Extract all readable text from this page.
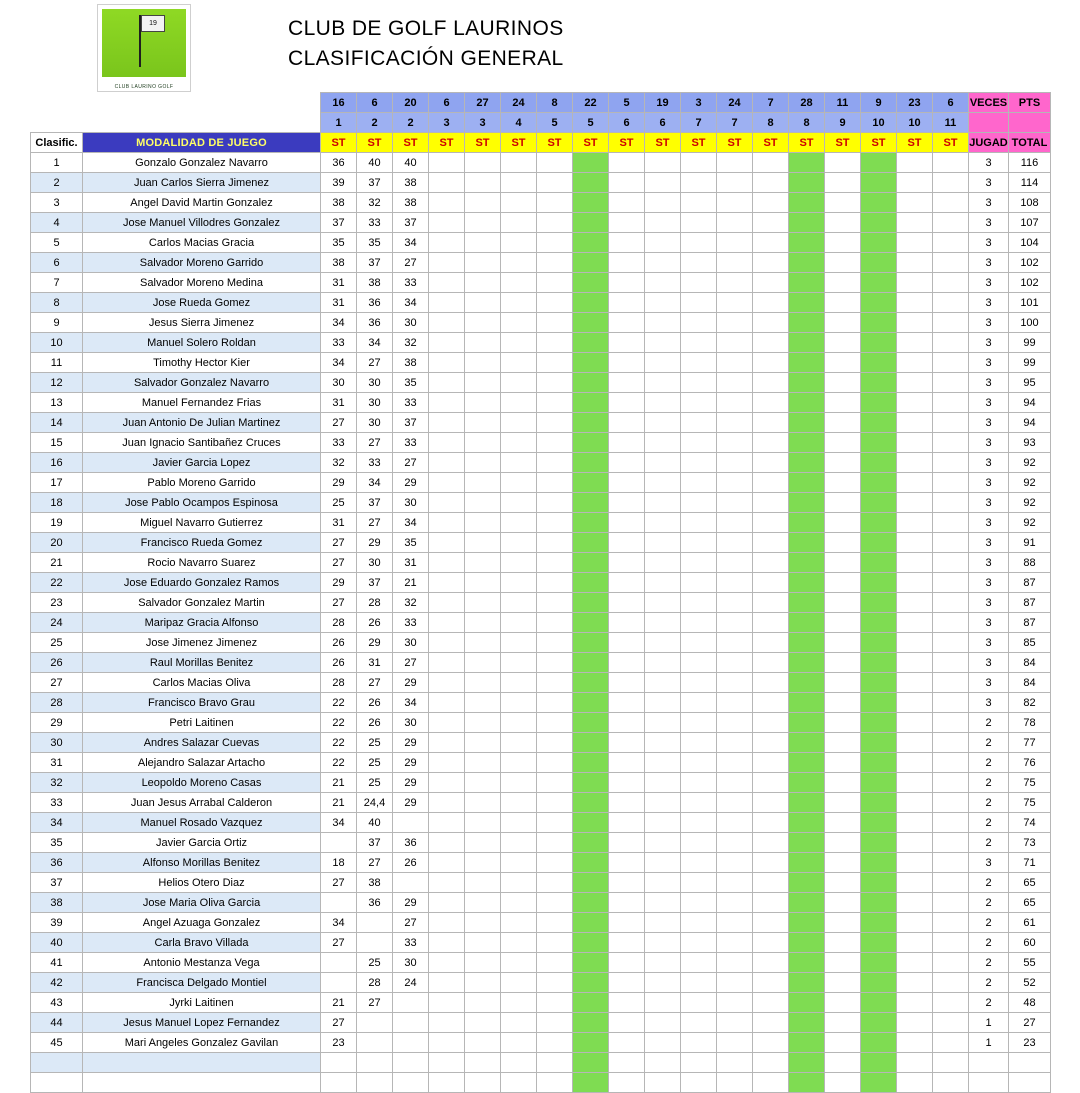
19
CLUB LAURINO GOLF
CLUB DE GOLF LAURINOS
CLASIFICACIÓN GENERAL
		16	6	20	6	27	24	8	22	5	19	3	24	7	28	11	9	23	6	VECES	PTS
		1	2	2	3	3	4	5	5	6	6	7	7	8	8	9	10	10	11		
Clasific.	MODALIDAD DE JUEGO	ST	ST	ST	ST	ST	ST	ST	ST	ST	ST	ST	ST	ST	ST	ST	ST	ST	ST	JUGAD	TOTAL
1	Gonzalo Gonzalez Navarro	36	40	40																3	116
2	Juan Carlos Sierra Jimenez	39	37	38																3	114
3	Angel David Martin Gonzalez	38	32	38																3	108
4	Jose Manuel Villodres Gonzalez	37	33	37																3	107
5	Carlos Macias Gracia	35	35	34																3	104
6	Salvador Moreno Garrido	38	37	27																3	102
7	Salvador Moreno Medina	31	38	33																3	102
8	Jose Rueda Gomez	31	36	34																3	101
9	Jesus Sierra Jimenez	34	36	30																3	100
10	Manuel Solero Roldan	33	34	32																3	99
11	Timothy Hector Kier	34	27	38																3	99
12	Salvador Gonzalez Navarro	30	30	35																3	95
13	Manuel Fernandez Frias	31	30	33																3	94
14	Juan Antonio De Julian Martinez	27	30	37																3	94
15	Juan Ignacio Santibañez Cruces	33	27	33																3	93
16	Javier Garcia Lopez	32	33	27																3	92
17	Pablo Moreno Garrido	29	34	29																3	92
18	Jose Pablo Ocampos Espinosa	25	37	30																3	92
19	Miguel Navarro Gutierrez	31	27	34																3	92
20	Francisco Rueda Gomez	27	29	35																3	91
21	Rocio Navarro Suarez	27	30	31																3	88
22	Jose Eduardo Gonzalez Ramos	29	37	21																3	87
23	Salvador Gonzalez Martin	27	28	32																3	87
24	Maripaz Gracia Alfonso	28	26	33																3	87
25	Jose Jimenez Jimenez	26	29	30																3	85
26	Raul Morillas Benitez	26	31	27																3	84
27	Carlos Macias Oliva	28	27	29																3	84
28	Francisco Bravo Grau	22	26	34																3	82
29	Petri Laitinen	22	26	30																2	78
30	Andres Salazar Cuevas	22	25	29																2	77
31	Alejandro Salazar Artacho	22	25	29																2	76
32	Leopoldo Moreno Casas	21	25	29																2	75
33	Juan Jesus Arrabal Calderon	21	24,4	29																2	75
34	Manuel Rosado Vazquez	34	40																	2	74
35	Javier Garcia Ortiz		37	36																2	73
36	Alfonso Morillas Benitez	18	27	26																3	71
37	Helios Otero Diaz	27	38																	2	65
38	Jose Maria Oliva Garcia		36	29																2	65
39	Angel Azuaga Gonzalez	34		27																2	61
40	Carla Bravo Villada	27		33																2	60
41	Antonio Mestanza Vega		25	30																2	55
42	Francisca Delgado Montiel		28	24																2	52
43	Jyrki Laitinen	21	27																	2	48
44	Jesus Manuel Lopez Fernandez	27																		1	27
45	Mari Angeles Gonzalez Gavilan	23																		1	23
